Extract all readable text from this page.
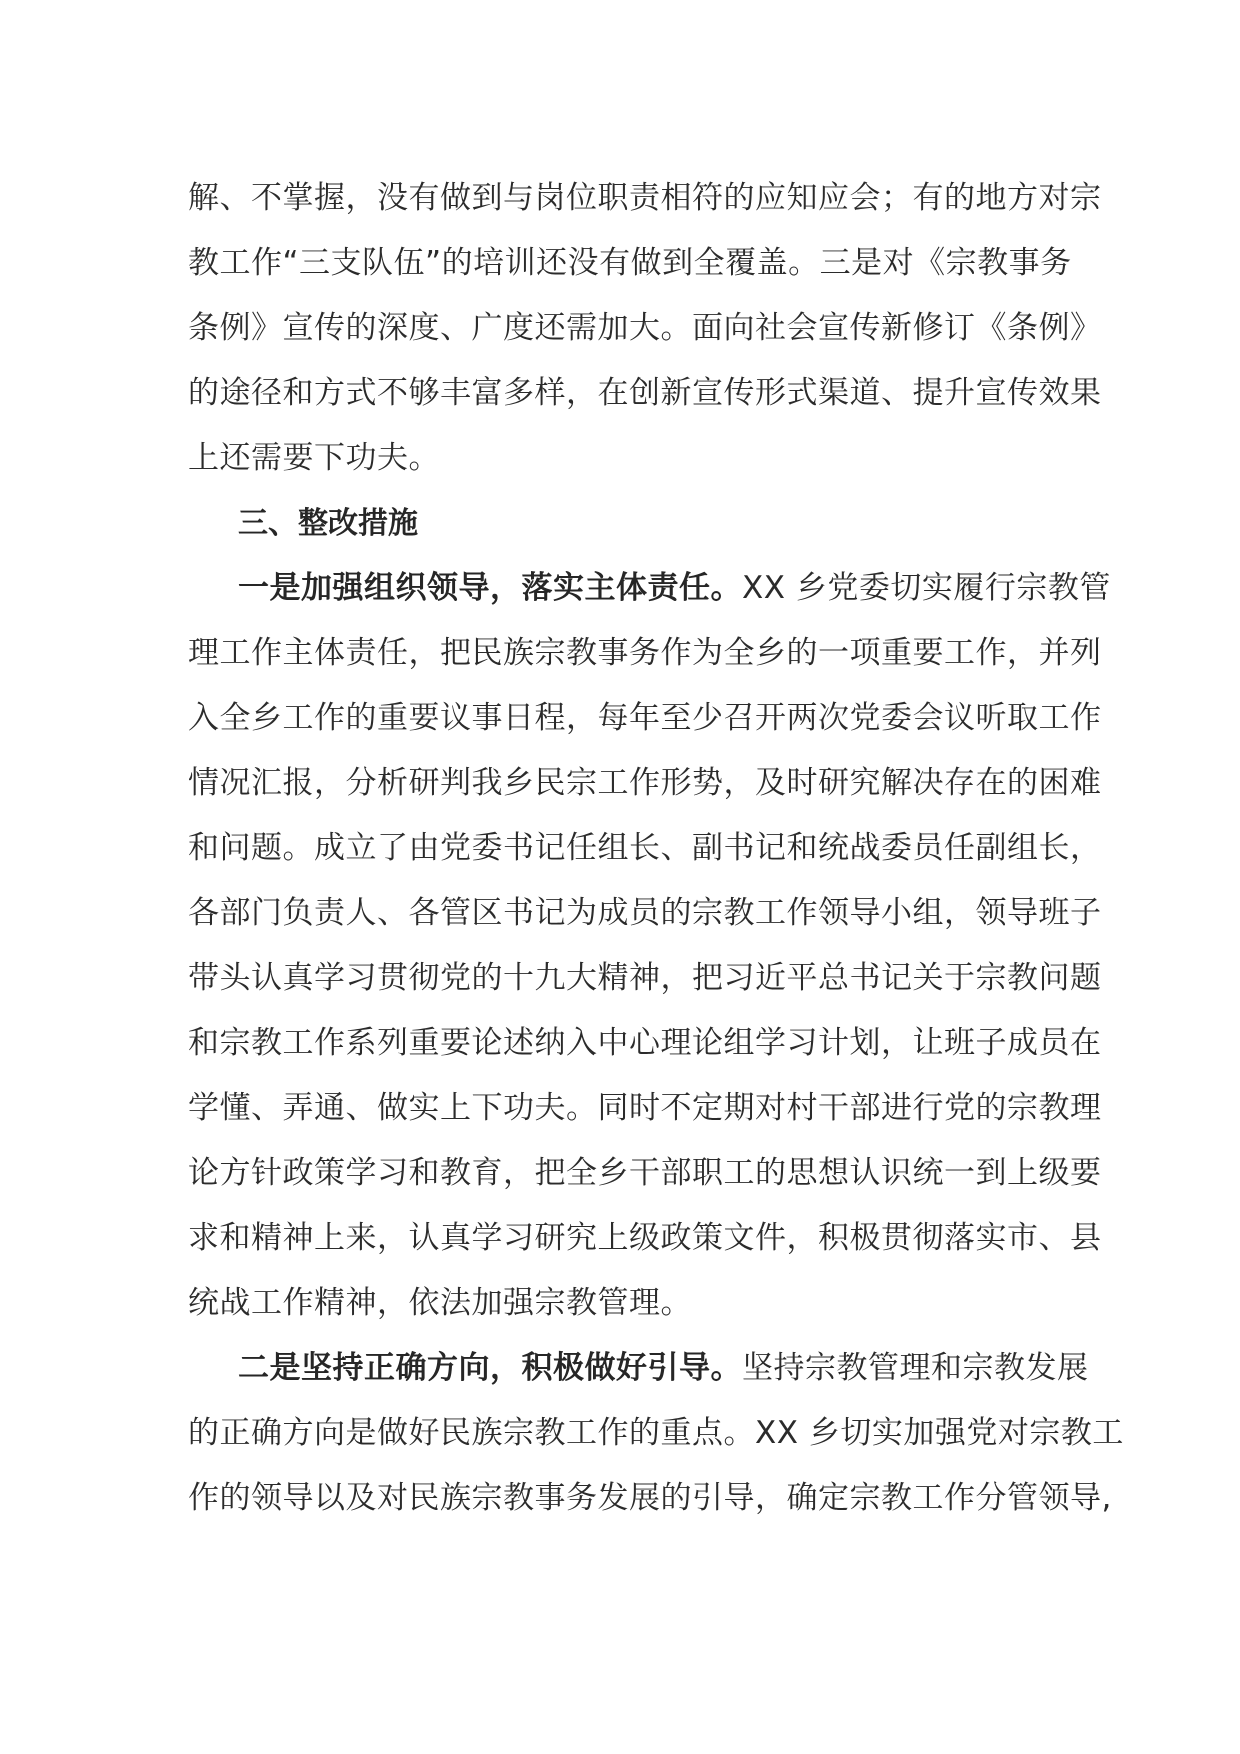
解、不掌握，没有做到与岗位职责相符的应知应会；有的地方对宗
教工作“三支队伍”的培训还没有做到全覆盖。三是对《宗教事务
条例》宣传的深度、广度还需加大。面向社会宣传新修订《条例》
的途径和方式不够丰富多样，在创新宣传形式渠道、提升宣传效果
上还需要下功夫。
三、整改措施
一是加强组织领导，落实主体责任。XX 乡党委切实履行宗教管
理工作主体责任，把民族宗教事务作为全乡的一项重要工作，并列
入全乡工作的重要议事日程，每年至少召开两次党委会议听取工作
情况汇报，分析研判我乡民宗工作形势，及时研究解决存在的困难
和问题。成立了由党委书记任组长、副书记和统战委员任副组长，
各部门负责人、各管区书记为成员的宗教工作领导小组，领导班子
带头认真学习贯彻党的十九大精神，把习近平总书记关于宗教问题
和宗教工作系列重要论述纳入中心理论组学习计划，让班子成员在
学懂、弄通、做实上下功夫。同时不定期对村干部进行党的宗教理
论方针政策学习和教育，把全乡干部职工的思想认识统一到上级要
求和精神上来，认真学习研究上级政策文件，积极贯彻落实市、县
统战工作精神，依法加强宗教管理。
二是坚持正确方向，积极做好引导。坚持宗教管理和宗教发展
的正确方向是做好民族宗教工作的重点。XX 乡切实加强党对宗教工
作的领导以及对民族宗教事务发展的引导，确定宗教工作分管领导,
